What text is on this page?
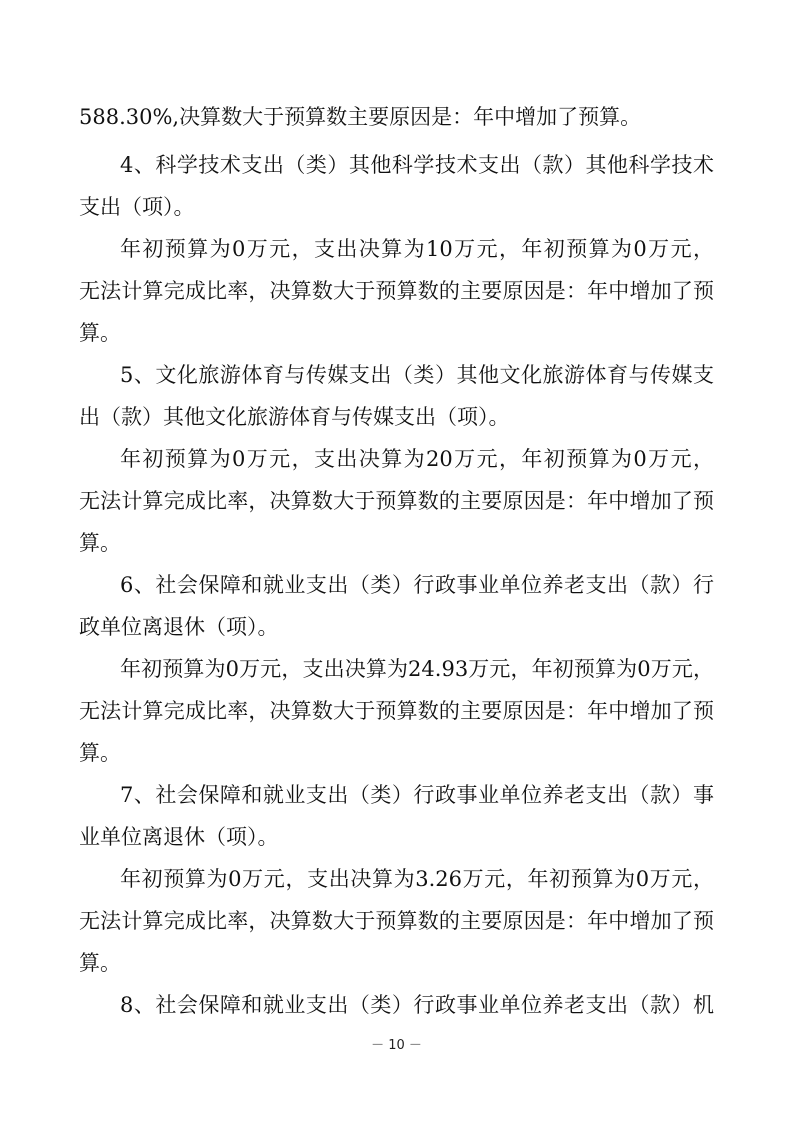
588.30%,决算数大于预算数主要原因是：年中增加了预算。
4、科学技术支出（类）其他科学技术支出（款）其他科学技术
支出（项）。
年初预算为0万元，支出决算为10万元，年初预算为0万元，
无法计算完成比率，决算数大于预算数的主要原因是：年中增加了预
算。
5、文化旅游体育与传媒支出（类）其他文化旅游体育与传媒支
出（款）其他文化旅游体育与传媒支出（项）。
年初预算为0万元，支出决算为20万元，年初预算为0万元，
无法计算完成比率，决算数大于预算数的主要原因是：年中增加了预
算。
6、社会保障和就业支出（类）行政事业单位养老支出（款）行
政单位离退休（项）。
年初预算为0万元，支出决算为24.93万元，年初预算为0万元，
无法计算完成比率，决算数大于预算数的主要原因是：年中增加了预
算。
7、社会保障和就业支出（类）行政事业单位养老支出（款）事
业单位离退休（项）。
年初预算为0万元，支出决算为3.26万元，年初预算为0万元，
无法计算完成比率，决算数大于预算数的主要原因是：年中增加了预
算。
8、社会保障和就业支出（类）行政事业单位养老支出（款）机
－ 10 －
